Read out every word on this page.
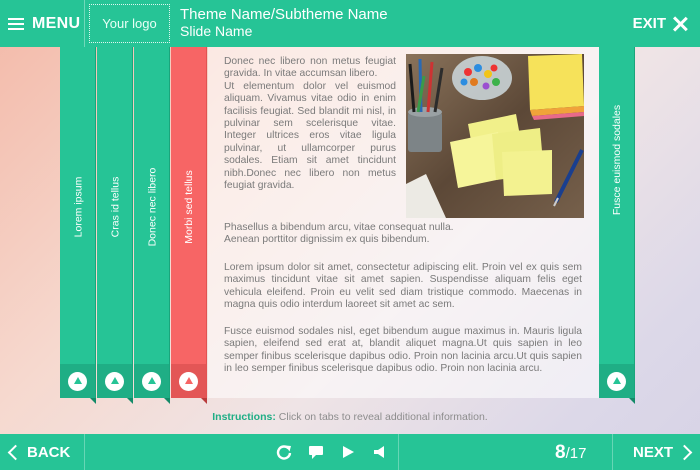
MENU	Your logo
Theme Name/Subtheme Name
Slide Name	EXIT
Lorem ipsum Cras id tellus Donec nec libero Morbi sed tellus

Donec nec libero non metus feugiat gravida. In vitae accumsan libero.
Ut elementum dolor vel euismod aliquam. Vivamus vitae odio in enim facilisis feugiat. Sed blandit mi nisl, in pulvinar sem scelerisque vitae. Integer ultrices eros vitae ligula pulvinar, ut ullamcorper purus sodales. Etiam sit amet tincidunt nibh.Donec nec libero non metus feugiat gravida.

Phasellus a bibendum arcu, vitae consequat nulla.
Aenean porttitor dignissim ex quis bibendum.

Lorem ipsum dolor sit amet, consectetur adipiscing elit. Proin vel ex quis sem maximus tincidunt vitae sit amet sapien. Suspendisse aliquam felis eget vehicula eleifend. Proin eu velit sed diam tristique commodo. Maecenas in magna quis odio interdum laoreet sit amet ac sem.

Fusce euismod sodales nisl, eget bibendum augue maximus in. Mauris ligula sapien, eleifend sed erat at, blandit aliquet magna.Ut quis sapien in leo semper finibus scelerisque dapibus odio. Proin non lacinia arcu.Ut quis sapien in leo semper finibus scelerisque dapibus odio. Proin non lacinia arcu.

Fusce euismod sodales
Instructions: Click on tabs to reveal additional information.
BACK	8 /17	NEXT
